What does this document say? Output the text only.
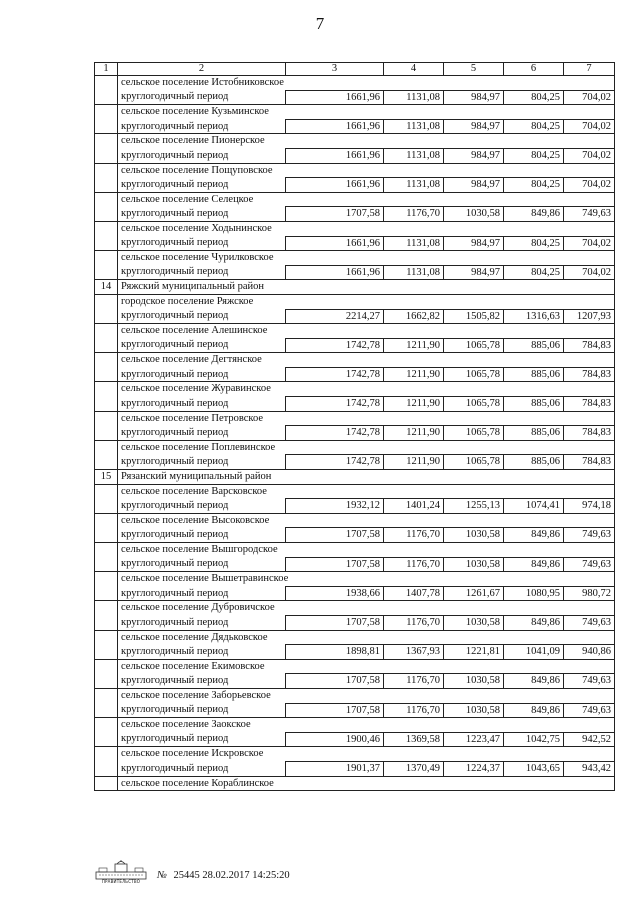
7
1	2	3	4	5	6	7
	сельское поселение Истобниковское					
	круглогодичный период	1661,96	1131,08	984,97	804,25	704,02
	сельское поселение Кузьминское					
	круглогодичный период	1661,96	1131,08	984,97	804,25	704,02
	сельское поселение Пионерское					
	круглогодичный период	1661,96	1131,08	984,97	804,25	704,02
	сельское поселение Пощуповское					
	круглогодичный период	1661,96	1131,08	984,97	804,25	704,02
	сельское поселение Селецкое					
	круглогодичный период	1707,58	1176,70	1030,58	849,86	749,63
	сельское поселение Ходынинское					
	круглогодичный период	1661,96	1131,08	984,97	804,25	704,02
	сельское поселение Чурилковское					
	круглогодичный период	1661,96	1131,08	984,97	804,25	704,02
14	Ряжский муниципальный район					
	городское поселение Ряжское					
	круглогодичный период	2214,27	1662,82	1505,82	1316,63	1207,93
	сельское поселение Алешинское					
	круглогодичный период	1742,78	1211,90	1065,78	885,06	784,83
	сельское поселение Дегтянское					
	круглогодичный период	1742,78	1211,90	1065,78	885,06	784,83
	сельское поселение Журавинское					
	круглогодичный период	1742,78	1211,90	1065,78	885,06	784,83
	сельское поселение Петровское					
	круглогодичный период	1742,78	1211,90	1065,78	885,06	784,83
	сельское поселение Поплевинское					
	круглогодичный период	1742,78	1211,90	1065,78	885,06	784,83
15	Рязанский муниципальный район					
	сельское поселение Варсковское					
	круглогодичный период	1932,12	1401,24	1255,13	1074,41	974,18
	сельское поселение Высоковское					
	круглогодичный период	1707,58	1176,70	1030,58	849,86	749,63
	сельское поселение Вышгородское					
	круглогодичный период	1707,58	1176,70	1030,58	849,86	749,63
	сельское поселение Вышетравинское					
	круглогодичный период	1938,66	1407,78	1261,67	1080,95	980,72
	сельское поселение Дубровичское					
	круглогодичный период	1707,58	1176,70	1030,58	849,86	749,63
	сельское поселение Дядьковское					
	круглогодичный период	1898,81	1367,93	1221,81	1041,09	940,86
	сельское поселение Екимовское					
	круглогодичный период	1707,58	1176,70	1030,58	849,86	749,63
	сельское поселение Заборьевское					
	круглогодичный период	1707,58	1176,70	1030,58	849,86	749,63
	сельское поселение Заокское					
	круглогодичный период	1900,46	1369,58	1223,47	1042,75	942,52
	сельское поселение Искровское					
	круглогодичный период	1901,37	1370,49	1224,37	1043,65	943,42
	сельское поселение Кораблинское					
ПРАВИТЕЛЬСТВО
№ 25445 28.02.2017 14:25:20
